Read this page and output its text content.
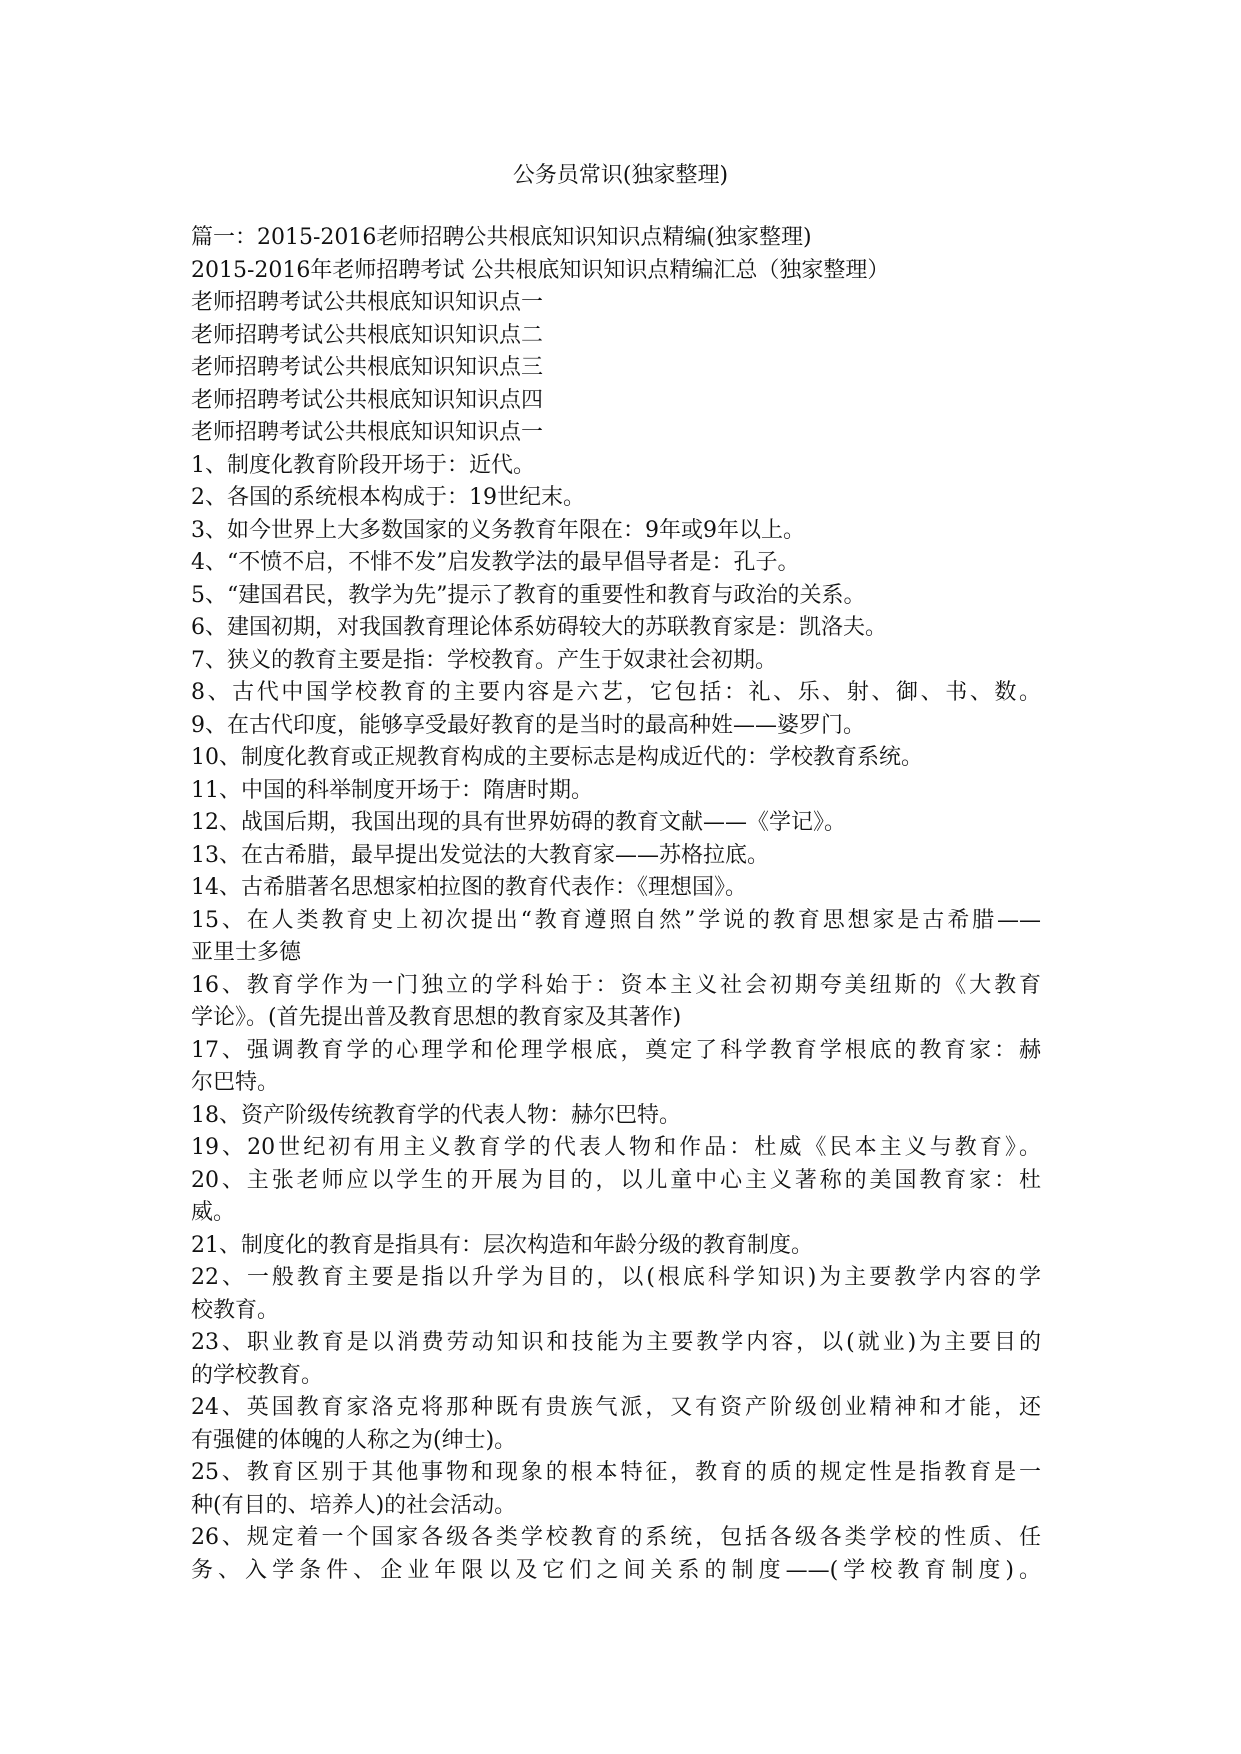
公务员常识(独家整理)
篇一：2015-2016老师招聘公共根底知识知识点精编(独家整理)
2015-2016年老师招聘考试 公共根底知识知识点精编汇总（独家整理）
老师招聘考试公共根底知识知识点一
老师招聘考试公共根底知识知识点二
老师招聘考试公共根底知识知识点三
老师招聘考试公共根底知识知识点四
老师招聘考试公共根底知识知识点一
1、制度化教育阶段开场于：近代。
2、各国的系统根本构成于：19世纪末。
3、如今世界上大多数国家的义务教育年限在：9年或9年以上。
4、“不愤不启，不悱不发”启发教学法的最早倡导者是：孔子。
5、“建国君民，教学为先”提示了教育的重要性和教育与政治的关系。
6、建国初期，对我国教育理论体系妨碍较大的苏联教育家是：凯洛夫。
7、狭义的教育主要是指：学校教育。产生于奴隶社会初期。
8、古代中国学校教育的主要内容是六艺，它包括：礼、乐、射、御、书、数。
9、在古代印度，能够享受最好教育的是当时的最高种姓——婆罗门。
10、制度化教育或正规教育构成的主要标志是构成近代的：学校教育系统。
11、中国的科举制度开场于：隋唐时期。
12、战国后期，我国出现的具有世界妨碍的教育文献——《学记》。
13、在古希腊，最早提出发觉法的大教育家——苏格拉底。
14、古希腊著名思想家柏拉图的教育代表作：《理想国》。
15、在人类教育史上初次提出“教育遵照自然”学说的教育思想家是古希腊——
亚里士多德
16、教育学作为一门独立的学科始于：资本主义社会初期夸美纽斯的《大教育
学论》。(首先提出普及教育思想的教育家及其著作)
17、强调教育学的心理学和伦理学根底，奠定了科学教育学根底的教育家：赫
尔巴特。
18、资产阶级传统教育学的代表人物：赫尔巴特。
19、20世纪初有用主义教育学的代表人物和作品：杜威《民本主义与教育》。
20、主张老师应以学生的开展为目的，以儿童中心主义著称的美国教育家：杜
威。
21、制度化的教育是指具有：层次构造和年龄分级的教育制度。
22、一般教育主要是指以升学为目的，以(根底科学知识)为主要教学内容的学
校教育。
23、职业教育是以消费劳动知识和技能为主要教学内容，以(就业)为主要目的
的学校教育。
24、英国教育家洛克将那种既有贵族气派，又有资产阶级创业精神和才能，还
有强健的体魄的人称之为(绅士)。
25、教育区别于其他事物和现象的根本特征，教育的质的规定性是指教育是一
种(有目的、培养人)的社会活动。
26、规定着一个国家各级各类学校教育的系统，包括各级各类学校的性质、任
务、入学条件、企业年限以及它们之间关系的制度——(学校教育制度)。
